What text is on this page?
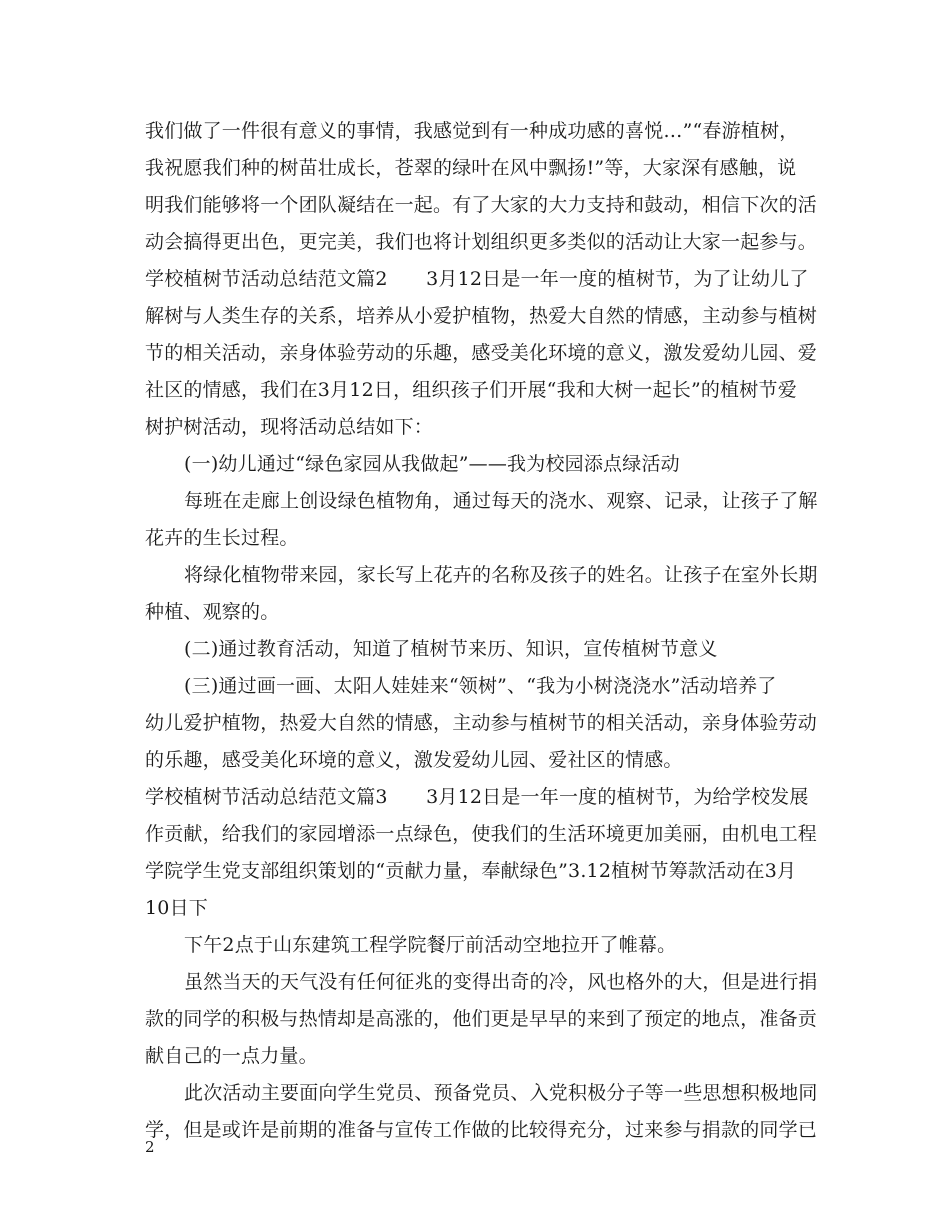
我们做了一件很有意义的事情，我感觉到有一种成功感的喜悦…”“春游植树，
我祝愿我们种的树苗壮成长，苍翠的绿叶在风中飘扬!”等，大家深有感触，说
明我们能够将一个团队凝结在一起。有了大家的大力支持和鼓动，相信下次的活
动会搞得更出色，更完美，我们也将计划组织更多类似的活动让大家一起参与。
学校植树节活动总结范文篇2　　3月12日是一年一度的植树节，为了让幼儿了
解树与人类生存的关系，培养从小爱护植物，热爱大自然的情感，主动参与植树
节的相关活动，亲身体验劳动的乐趣，感受美化环境的意义，激发爱幼儿园、爱
社区的情感，我们在3月12日，组织孩子们开展“我和大树一起长”的植树节爱
树护树活动，现将活动总结如下：
(一)幼儿通过“绿色家园从我做起”——我为校园添点绿活动
每班在走廊上创设绿色植物角，通过每天的浇水、观察、记录，让孩子了解
花卉的生长过程。
将绿化植物带来园，家长写上花卉的名称及孩子的姓名。让孩子在室外长期
种植、观察的。
(二)通过教育活动，知道了植树节来历、知识，宣传植树节意义
(三)通过画一画、太阳人娃娃来“领树”、“我为小树浇浇水”活动培养了
幼儿爱护植物，热爱大自然的情感，主动参与植树节的相关活动，亲身体验劳动
的乐趣，感受美化环境的意义，激发爱幼儿园、爱社区的情感。
学校植树节活动总结范文篇3　　3月12日是一年一度的植树节，为给学校发展
作贡献，给我们的家园增添一点绿色，使我们的生活环境更加美丽，由机电工程
学院学生党支部组织策划的“贡献力量，奉献绿色”3.12植树节筹款活动在3月
10日下
下午2点于山东建筑工程学院餐厅前活动空地拉开了帷幕。
虽然当天的天气没有任何征兆的变得出奇的冷，风也格外的大，但是进行捐
款的同学的积极与热情却是高涨的，他们更是早早的来到了预定的地点，准备贡
献自己的一点力量。
此次活动主要面向学生党员、预备党员、入党积极分子等一些思想积极地同
学，但是或许是前期的准备与宣传工作做的比较得充分，过来参与捐款的同学已
2
